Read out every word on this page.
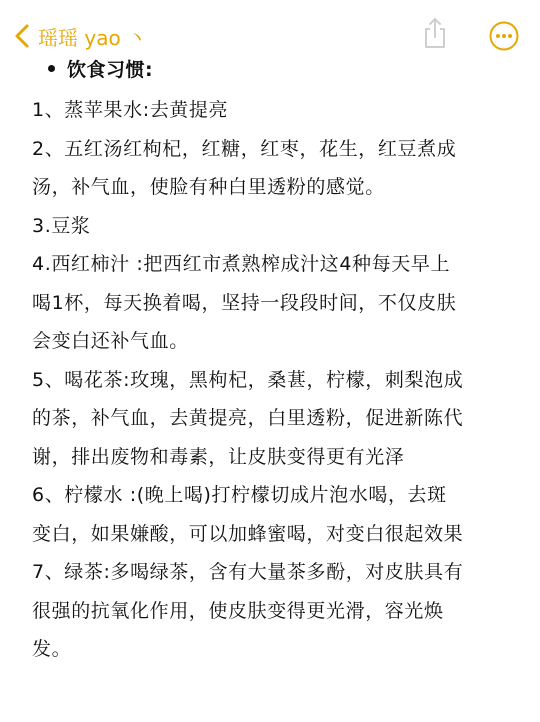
瑶瑶 yao 丶
饮食习惯:

1、蒸苹果水:去黄提亮

2、五红汤红枸杞，红糖，红枣，花生，红豆煮成

汤，补气血，使脸有种白里透粉的感觉。

3.豆浆

4.西红柿汁 :把西红市煮熟榨成汁这4种每天早上

喝1杯，每天换着喝，坚持一段段时间，不仅皮肤

会变白还补气血。

5、喝花茶:玫瑰，黑枸杞，桑葚，柠檬，刺梨泡成

的茶，补气血，去黄提亮，白里透粉，促进新陈代

谢，排出废物和毒素，让皮肤变得更有光泽

6、柠檬水 :(晚上喝)打柠檬切成片泡水喝，去斑

变白，如果嫌酸，可以加蜂蜜喝，对变白很起效果

7、绿茶:多喝绿茶，含有大量茶多酚，对皮肤具有

很强的抗氧化作用，使皮肤变得更光滑，容光焕

发。
